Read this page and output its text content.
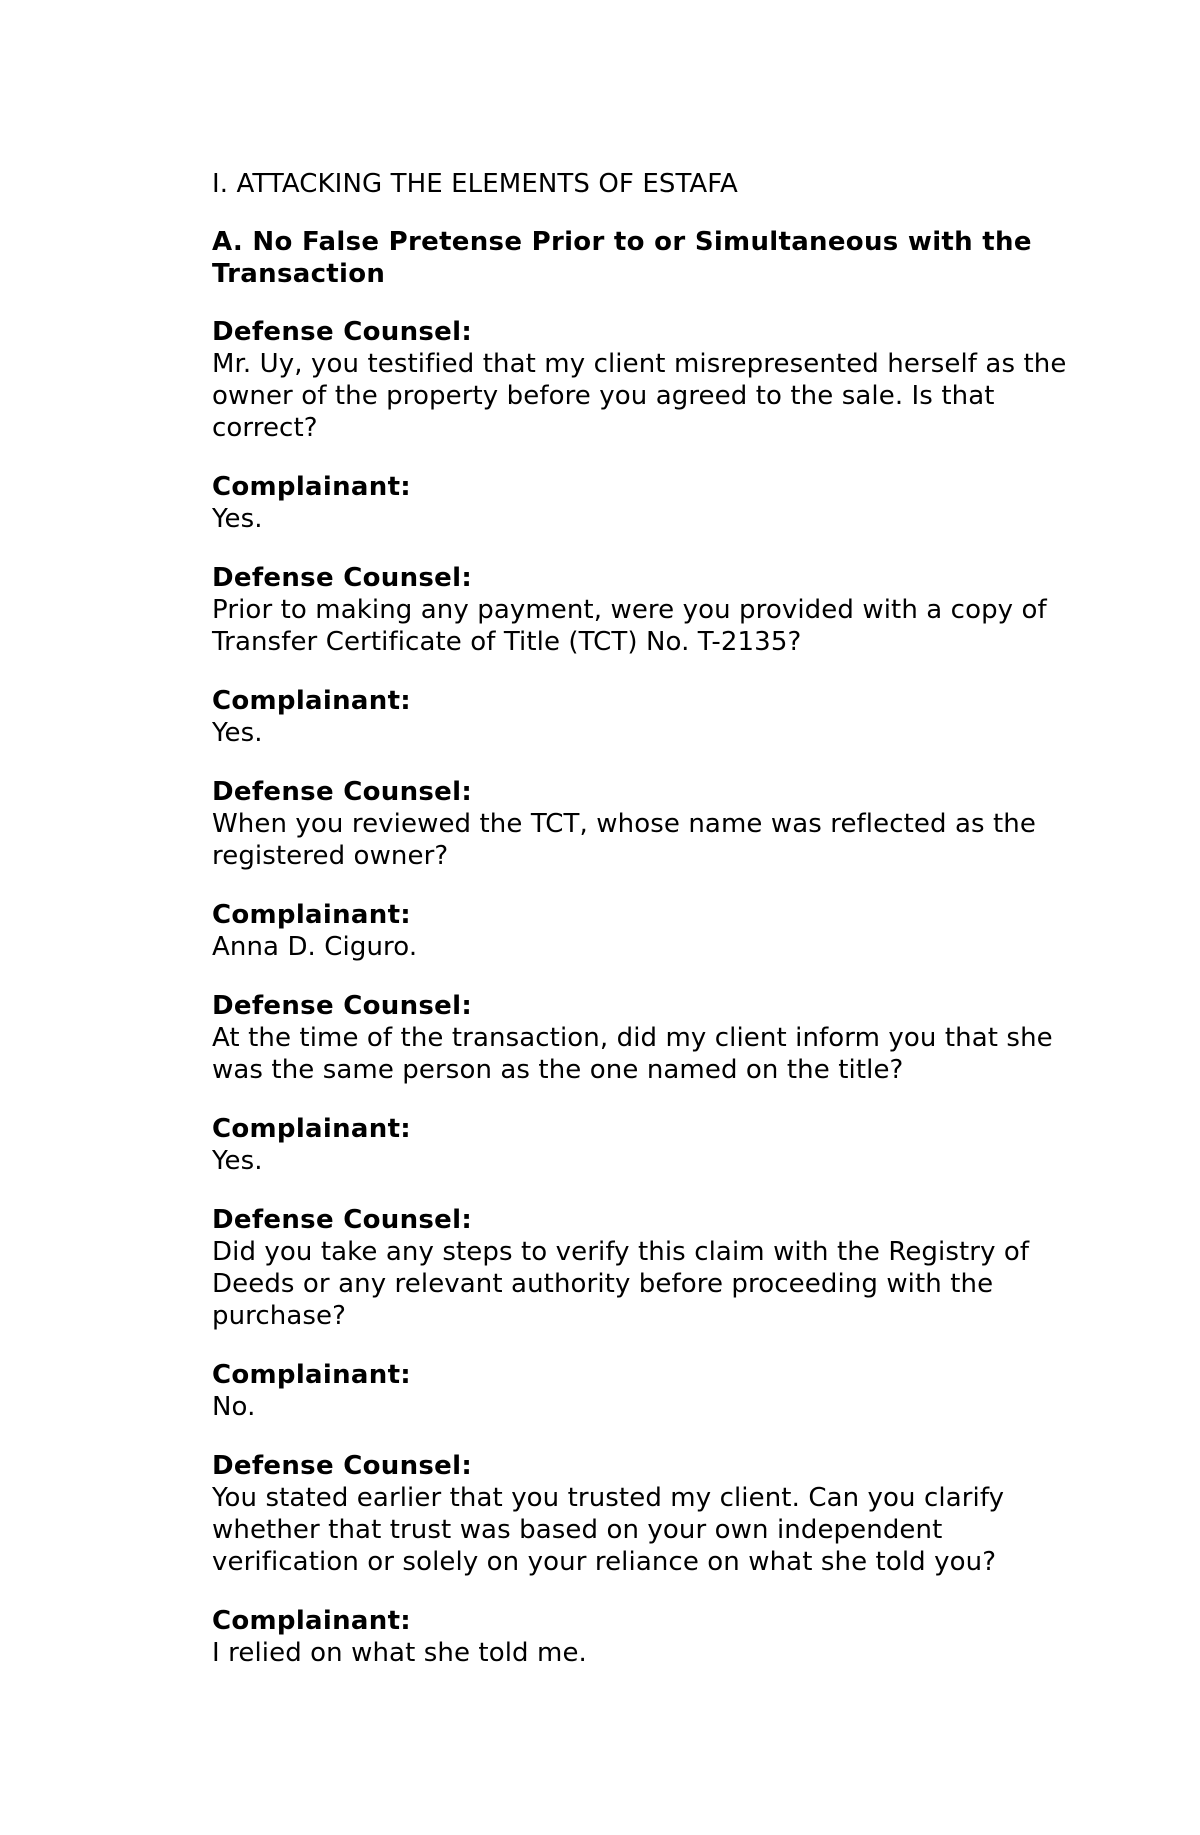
I. ATTACKING THE ELEMENTS OF ESTAFA
A. No False Pretense Prior to or Simultaneous with the Transaction
Defense Counsel:
Mr. Uy, you testified that my client misrepresented herself as the owner of the property before you agreed to the sale. Is that correct?
Complainant:
Yes.
Defense Counsel:
Prior to making any payment, were you provided with a copy of Transfer Certificate of Title (TCT) No. T-2135?
Complainant:
Yes.
Defense Counsel:
When you reviewed the TCT, whose name was reflected as the registered owner?
Complainant:
Anna D. Ciguro.
Defense Counsel:
At the time of the transaction, did my client inform you that she was the same person as the one named on the title?
Complainant:
Yes.
Defense Counsel:
Did you take any steps to verify this claim with the Registry of Deeds or any relevant authority before proceeding with the purchase?
Complainant:
No.
Defense Counsel:
You stated earlier that you trusted my client. Can you clarify whether that trust was based on your own independent verification or solely on your reliance on what she told you?
Complainant:
I relied on what she told me.
